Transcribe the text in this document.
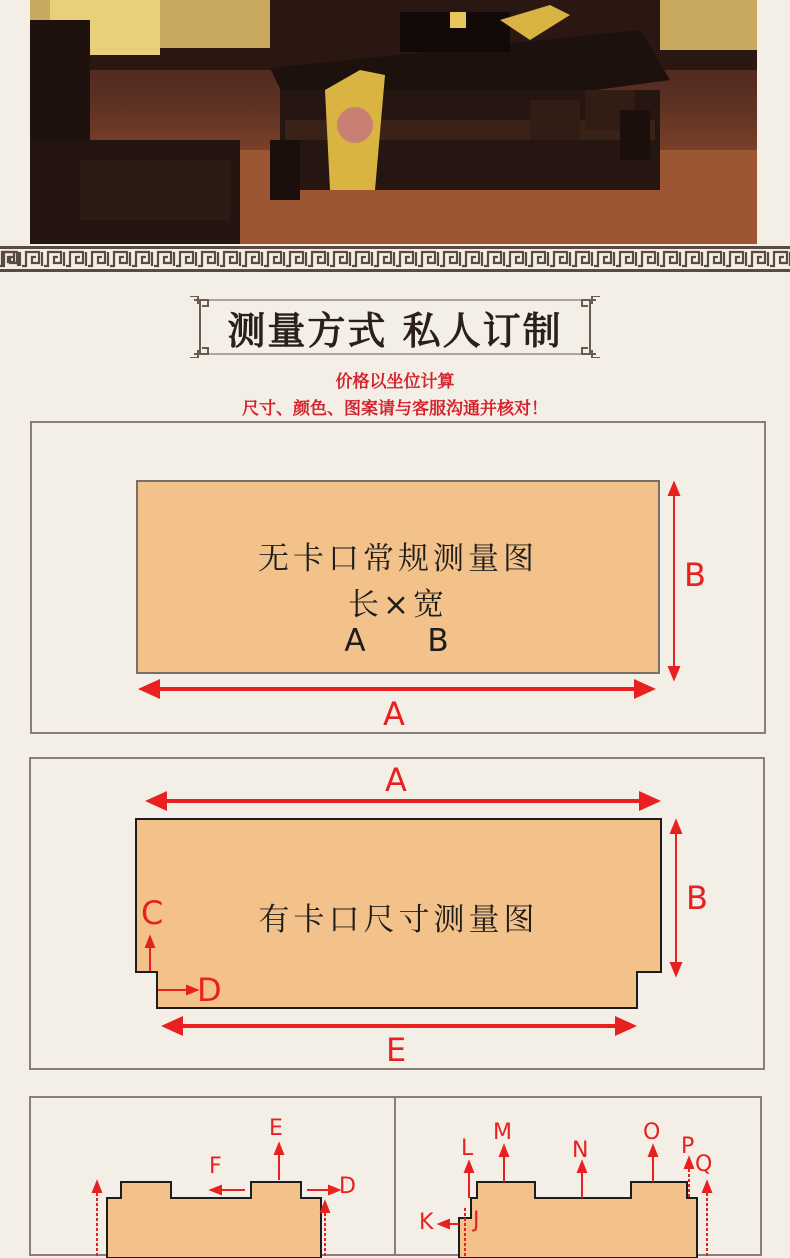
测量方式 私人订制
价格以坐位计算
尺寸、颜色、图案请与客服沟通并核对！
无卡口常规测量图
长×宽
A B
B
A
有卡口尺寸测量图
A
B
C
D
E
E
F
D
L
M
N
O
P
Q
K J
